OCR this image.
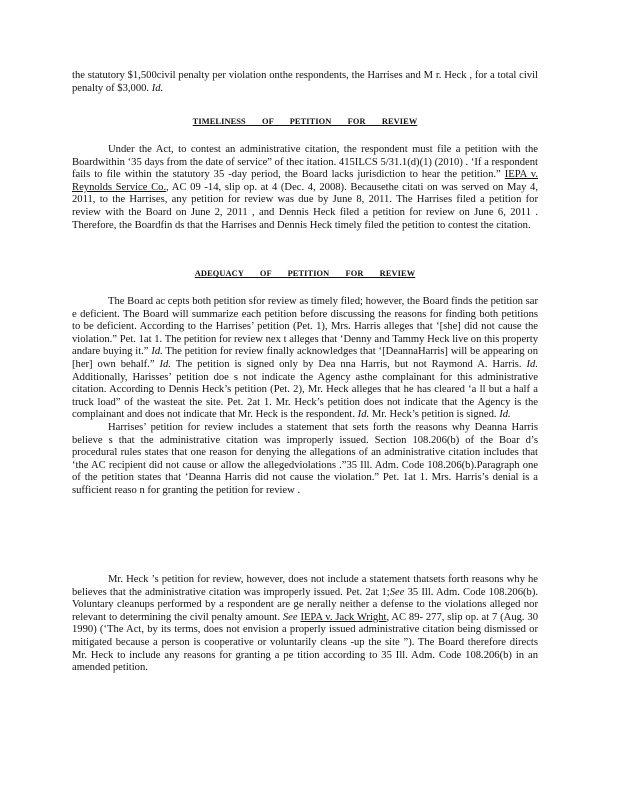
the statutory $1,500civil penalty per violation onthe respondents, the Harrises and M r. Heck , for a total civil penalty of $3,000. Id.

TIMELINESS OF PETITION FOR REVIEW

Under the Act, to contest an administrative citation, the respondent must file a petition with the Boardwithin ‘35 days from the date of service” of thec itation. 415ILCS 5/31.1(d)(1) (2010) . ‘If a respondent fails to file within the statutory 35 -day period, the Board lacks jurisdiction to hear the petition.” IEPA v. Reynolds Service Co., AC 09 -14, slip op. at 4 (Dec. 4, 2008). Becausethe citati on was served on May 4, 2011, to the Harrises, any petition for review was due by June 8, 2011. The Harrises filed a petition for review with the Board on June 2, 2011 , and Dennis Heck filed a petition for review on June 6, 2011 . Therefore, the Boardfin ds that the Harrises and Dennis Heck timely filed the petition to contest the citation.

ADEQUACY OF PETITION FOR REVIEW

The Board ac cepts both petition sfor review as timely filed; however, the Board finds the petition sar e deficient. The Board will summarize each petition before discussing the reasons for finding both petitions to be deficient. According to the Harrises’ petition (Pet. 1), Mrs. Harris alleges that ‘[she] did not cause the violation.” Pet. 1at 1. The petition for review nex t alleges that ‘Denny and Tammy Heck live on this property andare buying it.” Id. The petition for review finally acknowledges that ‘[DeannaHarris] will be appearing on [her] own behalf.” Id. The petition is signed only by Dea nna Harris, but not Raymond A. Harris. Id. Additionally, Harisses’ petition doe s not indicate the Agency asthe complainant for this administrative citation. According to Dennis Heck’s petition (Pet. 2), Mr. Heck alleges that he has cleared ‘a ll but a half a truck load” of the wasteat the site. Pet. 2at 1. Mr. Heck’s petition does not indicate that the Agency is the complainant and does not indicate that Mr. Heck is the respondent. Id. Mr. Heck’s petition is signed. Id.

Harrises’ petition for review includes a statement that sets forth the reasons why Deanna Harris believe s that the administrative citation was improperly issued. Section 108.206(b) of the Boar d’s procedural rules states that one reason for denying the allegations of an administrative citation includes that ‘the AC recipient did not cause or allow the allegedviolations .”35 Ill. Adm. Code 108.206(b).Paragraph one of the petition states that ‘Deanna Harris did not cause the violation.” Pet. 1at 1. Mrs. Harris’s denial is a sufficient reaso n for granting the petition for review .

Mr. Heck ’s petition for review, however, does not include a statement thatsets forth reasons why he believes that the administrative citation was improperly issued. Pet. 2at 1;See 35 Ill. Adm. Code 108.206(b). Voluntary cleanups performed by a respondent are ge nerally neither a defense to the violations alleged nor relevant to determining the civil penalty amount. See IEPA v. Jack Wright, AC 89- 277, slip op. at 7 (Aug. 30 1990) (‘The Act, by its terms, does not envision a properly issued administrative citation being dismissed or mitigated because a person is cooperative or voluntarily cleans -up the site ”). The Board therefore directs Mr. Heck to include any reasons for granting a pe tition according to 35 Ill. Adm. Code 108.206(b) in an amended petition.
